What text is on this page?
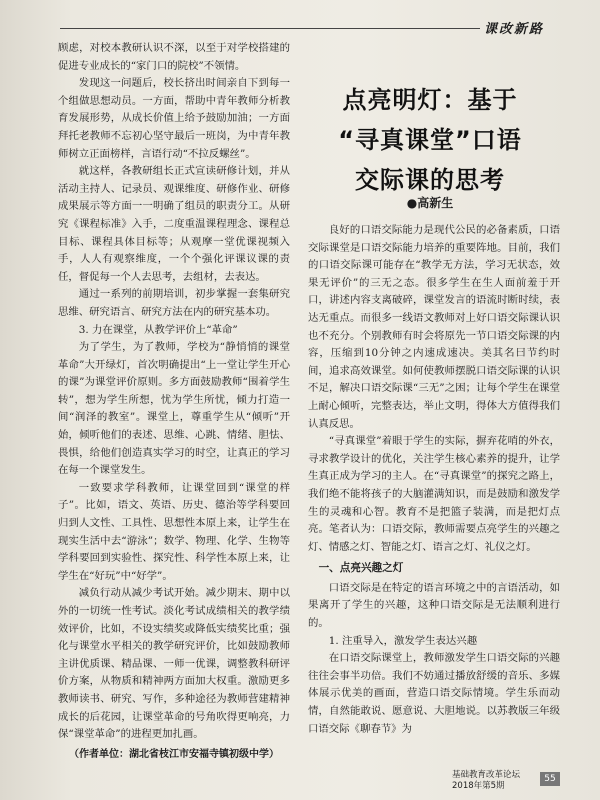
课改新路

顾虑，对校本教研认识不深，以至于对学校搭建的促进专业成长的“家门口的院校”不领情。

发现这一问题后，校长挤出时间亲自下到每一个组做思想动员。一方面，帮助中青年教师分析教育发展形势，从成长价值上给予鼓励加油；一方面拜托老教师不忘初心坚守最后一班岗，为中青年教师树立正面榜样，言语行动“不拉反螺丝”。

就这样，各教研组长正式宣读研修计划，并从活动主持人、记录员、观课维度、研修作业、研修成果展示等方面一一明确了组员的职责分工。从研究《课程标准》入手，二度重温课程理念、课程总目标、课程具体目标等；从观摩一堂优课视频入手，人人有观察维度，一个个强化评课议课的责任，督促每一个人去思考，去组材，去表达。

通过一系列的前期培训，初步掌握一套集研究思维、研究语言、研究方法在内的研究基本功。

3. 力在课堂，从教学评价上“革命”

为了学生，为了教师，学校为“静悄悄的课堂革命”大开绿灯，首次明确提出“上一堂让学生开心的课”为课堂评价原则。多方面鼓励教师“围着学生转”，想为学生所想，忧为学生所忧，倾力打造一间“润泽的教室”。课堂上，尊重学生从“倾听”开始，倾听他们的表述、思维、心跳、情绪、胆怯、畏惧，给他们创造真实学习的时空，让真正的学习在每一个课堂发生。

一致要求学科教师，让课堂回到“课堂的样子”。比如，语文、英语、历史、德治等学科要回归到人文性、工具性、思想性本原上来，让学生在现实生活中去“游泳”；数学、物理、化学、生物等学科要回到实验性、探究性、科学性本原上来，让学生在“好玩”中“好学”。

减负行动从减少考试开始。减少期末、期中以外的一切统一性考试。淡化考试成绩相关的教学绩效评价，比如，不设实绩奖或降低实绩奖比重；强化与课堂水平相关的教学研究评价，比如鼓励教师主讲优质课、精品课、一师一优课，调整教科研评价方案，从物质和精神两方面加大权重。激励更多教师读书、研究、写作，多种途径为教师营建精神成长的后花园，让课堂革命的号角吹得更响亮，力保“课堂革命”的进程更加扎画。

（作者单位：湖北省枝江市安福寺镇初级中学）

点亮明灯：基于
“寻真课堂”口语
交际课的思考
●高新生

良好的口语交际能力是现代公民的必备素质，口语交际课堂是口语交际能力培养的重要阵地。目前，我们的口语交际课可能存在“教学无方法，学习无状态，效果无评价”的三无之态。很多学生在生人面前羞于开口，讲述内容支离破碎，课堂发言的语流时断时续，表达无重点。而很多一线语文教师对上好口语交际课认识也不充分。个别教师有时会将原先一节口语交际课的内容，压缩到10分钟之内速成速决。美其名曰节约时间，追求高效课堂。如何使教师摆脱口语交际课的认识不足，解决口语交际课“三无”之困；让每个学生在课堂上耐心倾听，完整表达，举止文明，得体大方值得我们认真反思。

“寻真课堂”着眼于学生的实际，摒弃花哨的外衣，寻求教学设计的优化，关注学生核心素养的提升，让学生真正成为学习的主人。在“寻真课堂”的探究之路上，我们绝不能将孩子的大脑灌满知识，而是鼓励和激发学生的灵魂和心智。教育不是把篮子装满，而是把灯点亮。笔者认为：口语交际，教师需要点亮学生的兴趣之灯、情感之灯、智能之灯、语言之灯、礼仪之灯。

一、点亮兴趣之灯

口语交际是在特定的语言环境之中的言语活动，如果离开了学生的兴趣，这种口语交际是无法顺利进行的。

1. 注重导入，激发学生表达兴趣

在口语交际课堂上，教师激发学生口语交际的兴趣往往会事半功倍。我们不妨通过播放舒缓的音乐、多媒体展示优美的画面，营造口语交际情境。学生乐而动情，自然能敢说、愿意说、大胆地说。以苏教版三年级口语交际《聊春节》为

基础教育改革论坛
2018年第5期
55
